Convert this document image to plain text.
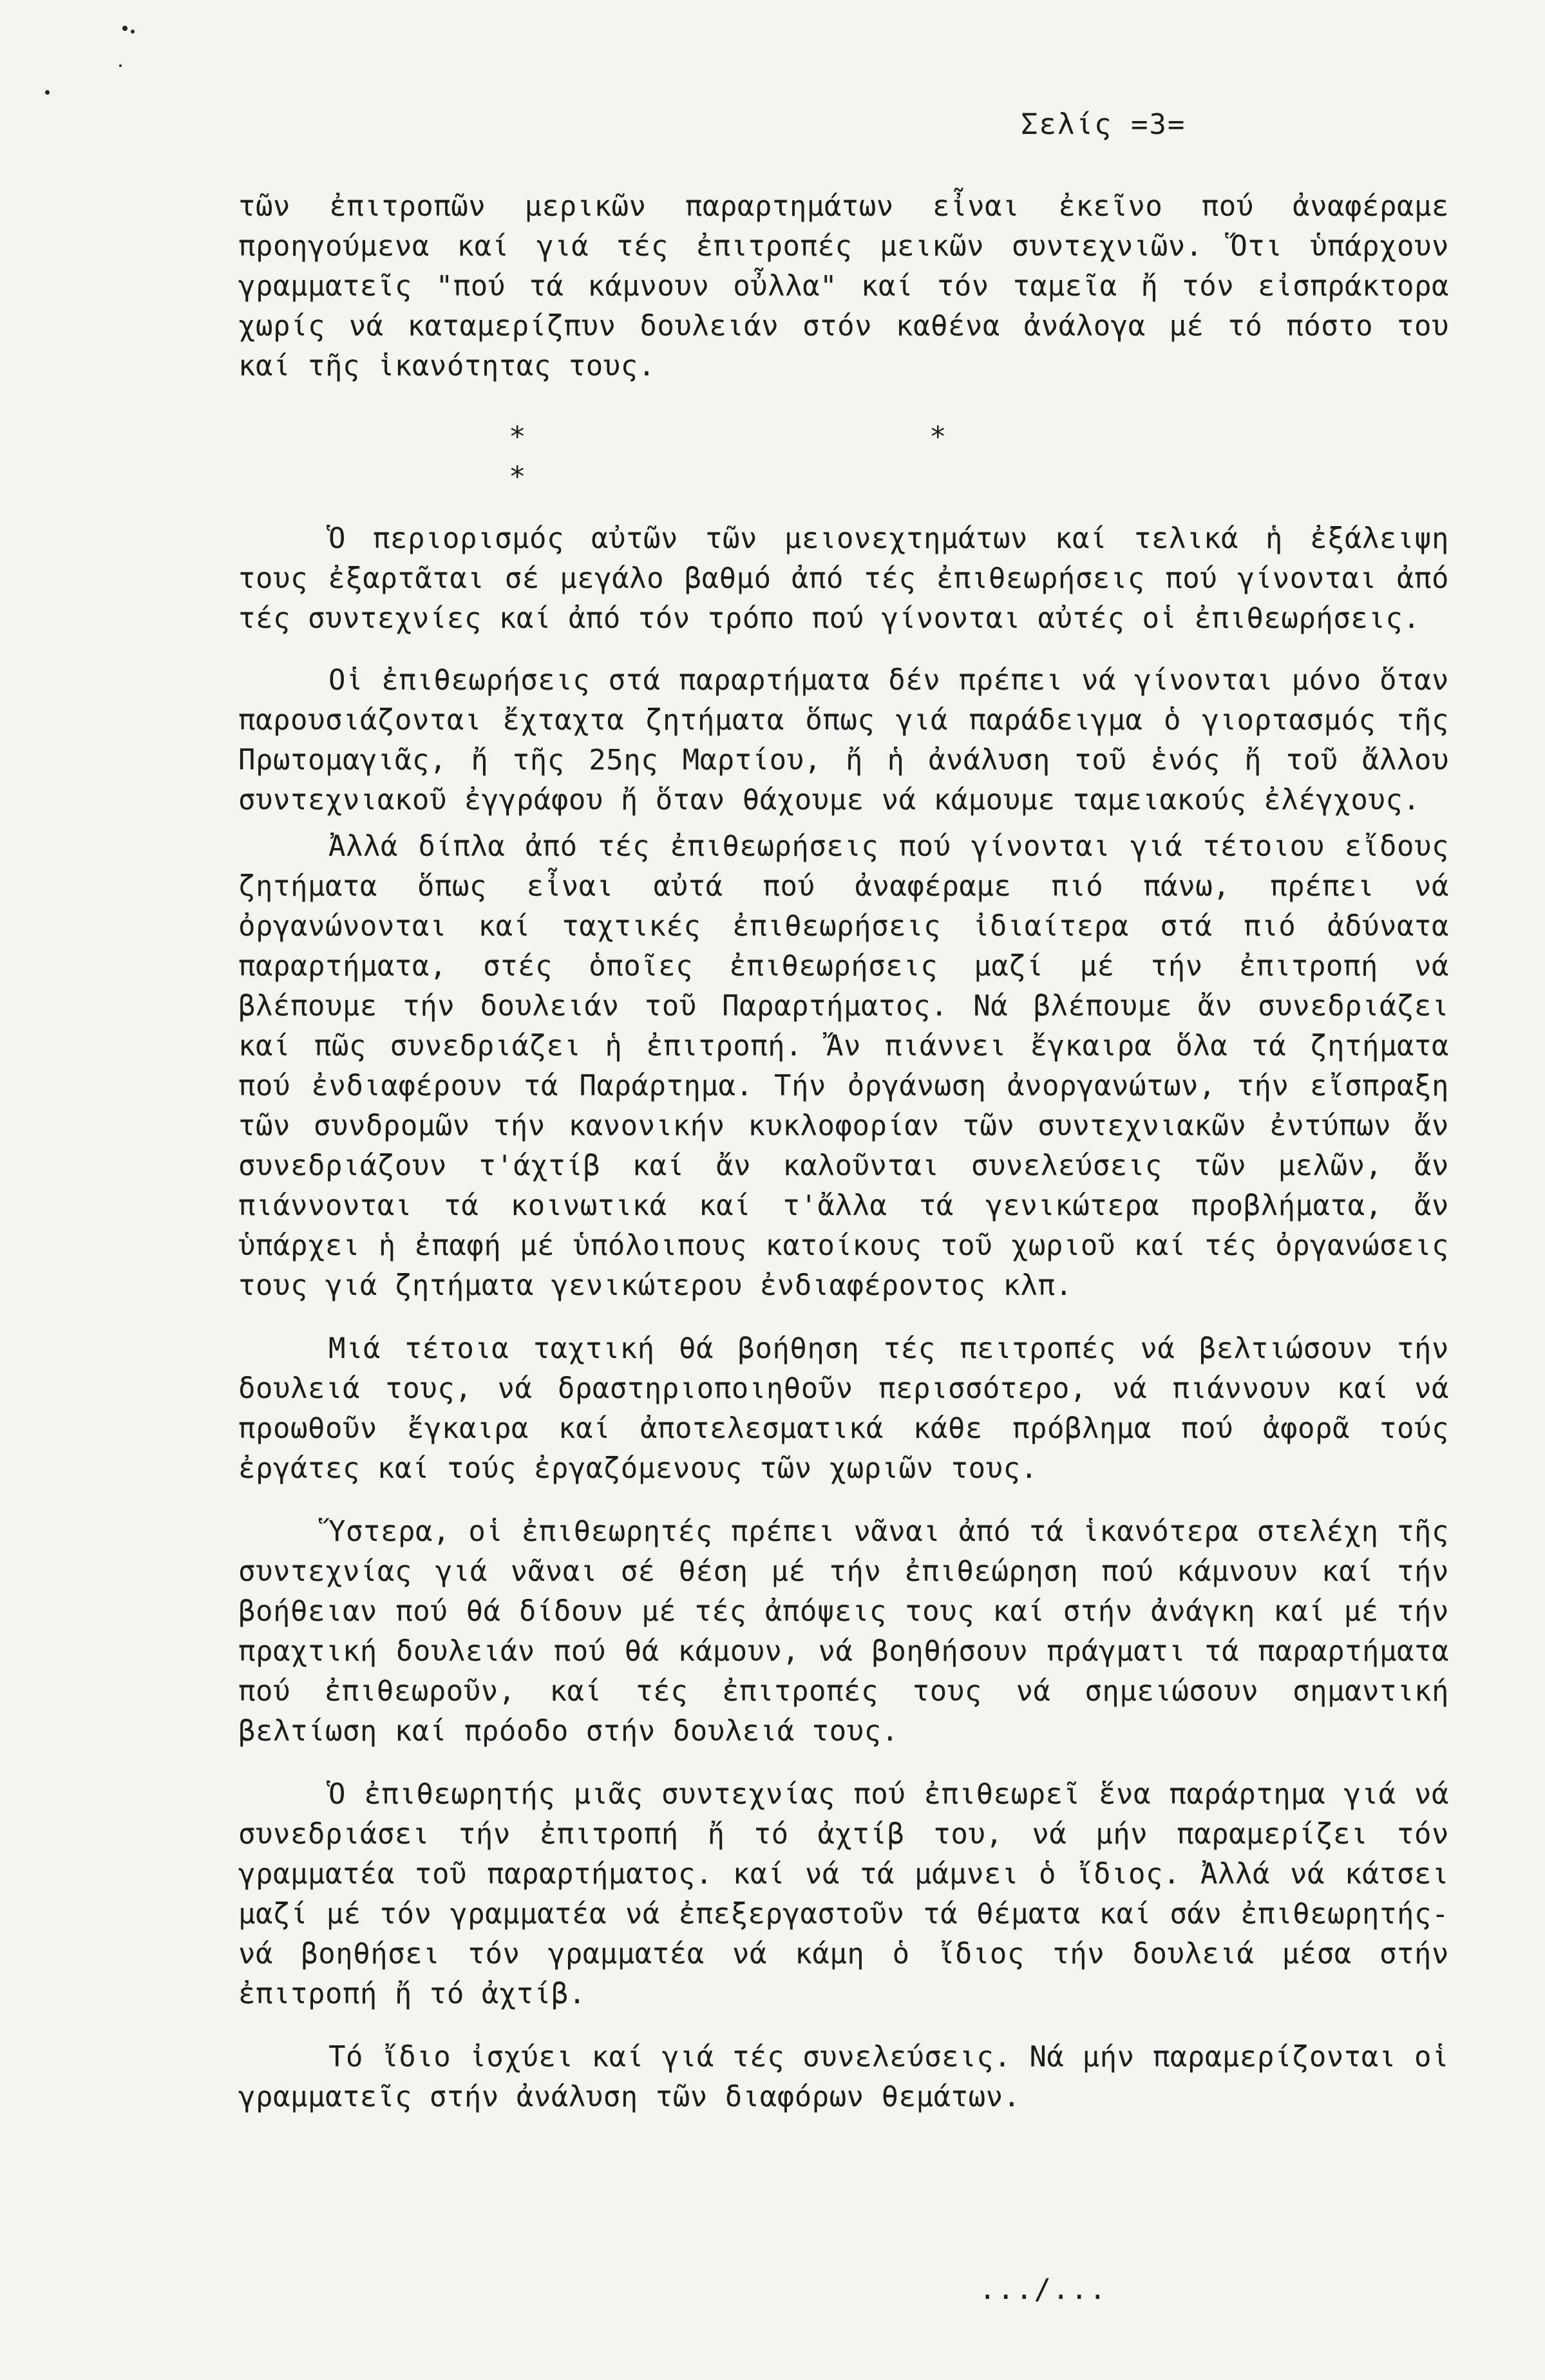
Σελίς =3=

τῶν ἐπιτροπῶν μερικῶν παραρτημάτων εἶναι ἐκεῖνο πού ἀναφέραμε προηγούμενα καί γιά τές ἐπιτροπές μεικῶν συντεχνιῶν. Ὅτι ὑπάρχουν γραμματεῖς "πού τά κάμνουν οὖλλα" καί τόν ταμεῖα ἤ τόν εἰσπράκτορα χωρίς νά καταμερίζπυν δουλειάν στόν καθένα ἀνάλογα μέ τό πόστο του καί τῆς ἱκανότητας τους.

* * *

Ὁ περιορισμός αὐτῶν τῶν μειονεχτημάτων καί τελικά ἡ ἐξάλειψη τους ἐξαρτᾶται σέ μεγάλο βαθμό ἀπό τές ἐπιθεωρήσεις πού γίνονται ἀπό τές συντεχνίες καί ἀπό τόν τρόπο πού γίνονται αὐτές οἱ ἐπιθεωρήσεις.

Οἱ ἐπιθεωρήσεις στά παραρτήματα δέν πρέπει νά γίνονται μόνο ὅταν παρουσιάζονται ἔχταχτα ζητήματα ὅπως γιά παράδειγμα ὁ γιορτασμός τῆς Πρωτομαγιᾶς, ἤ τῆς 25ης Μαρτίου, ἤ ἡ ἀνάλυση τοῦ ἑνός ἤ τοῦ ἄλλου συντεχνιακοῦ ἐγγράφου ἤ ὅταν θάχουμε νά κάμουμε ταμειακούς ἐλέγχους.

Ἀλλά δίπλα ἀπό τές ἐπιθεωρήσεις πού γίνονται γιά τέτοιου εἴδους ζητήματα ὅπως εἶναι αὐτά πού ἀναφέραμε πιό πάνω, πρέπει νά ὀργανώνονται καί ταχτικές ἐπιθεωρήσεις ἰδιαίτερα στά πιό ἀδύνατα παραρτήματα, στές ὁποῖες ἐπιθεωρήσεις μαζί μέ τήν ἐπιτροπή νά βλέπουμε τήν δουλειάν τοῦ Παραρτήματος. Νά βλέπουμε ἄν συνεδριάζει καί πῶς συνεδριάζει ἡ ἐπιτροπή. Ἄν πιάννει ἔγκαιρα ὅλα τά ζητήματα πού ἐνδιαφέρουν τά Παράρτημα. Τήν ὀργάνωση ἀνοργανώτων, τήν εἴσπραξη τῶν συνδρομῶν τήν κανονικήν κυκλοφορίαν τῶν συντεχνιακῶν ἐντύπων ἄν συνεδριάζουν τ'άχτίβ καί ἄν καλοῦνται συνελεύσεις τῶν μελῶν, ἄν πιάννονται τά κοινωτικά καί τ'ἄλλα τά γενικώτερα προβλήματα, ἄν ὑπάρχει ἡ ἐπαφή μέ ὑπόλοιπους κατοίκους τοῦ χωριοῦ καί τές ὀργανώσεις τους γιά ζητήματα γενικώτερου ἐνδιαφέροντος κλπ.

Μιά τέτοια ταχτική θά βοήθηση τές πειτροπές νά βελτιώσουν τήν δουλειά τους, νά δραστηριοποιηθοῦν περισσότερο, νά πιάννουν καί νά προωθοῦν ἔγκαιρα καί ἀποτελεσματικά κάθε πρόβλημα πού ἀφορᾶ τούς ἐργάτες καί τούς ἐργαζόμενους τῶν χωριῶν τους.

Ὕστερα, οἱ ἐπιθεωρητές πρέπει νᾶναι ἀπό τά ἱκανότερα στελέχη τῆς συντεχνίας γιά νᾶναι σέ θέση μέ τήν ἐπιθεώρηση πού κάμνουν καί τήν βοήθειαν πού θά δίδουν μέ τές ἀπόψεις τους καί στήν ἀνάγκη καί μέ τήν πραχτική δουλειάν πού θά κάμουν, νά βοηθήσουν πράγματι τά παραρτήματα πού ἐπιθεωροῦν, καί τές ἐπιτροπές τους νά σημειώσουν σημαντική βελτίωση καί πρόοδο στήν δουλειά τους.

Ὁ ἐπιθεωρητής μιᾶς συντεχνίας πού ἐπιθεωρεῖ ἕνα παράρτημα γιά νά συνεδριάσει τήν ἐπιτροπή ἤ τό ἀχτίβ του, νά μήν παραμερίζει τόν γραμματέα τοῦ παραρτήματος. καί νά τά μάμνει ὁ ἴδιος. Ἀλλά νά κάτσει μαζί μέ τόν γραμματέα νά ἐπεξεργαστοῦν τά θέματα καί σάν ἐπιθεωρητής-νά βοηθήσει τόν γραμματέα νά κάμη ὁ ἴδιος τήν δουλειά μέσα στήν ἐπιτροπή ἤ τό ἀχτίβ.

Τό ἴδιο ἰσχύει καί γιά τές συνελεύσεις. Νά μήν παραμερίζονται οἱ γραμματεῖς στήν ἀνάλυση τῶν διαφόρων θεμάτων.

.../...
